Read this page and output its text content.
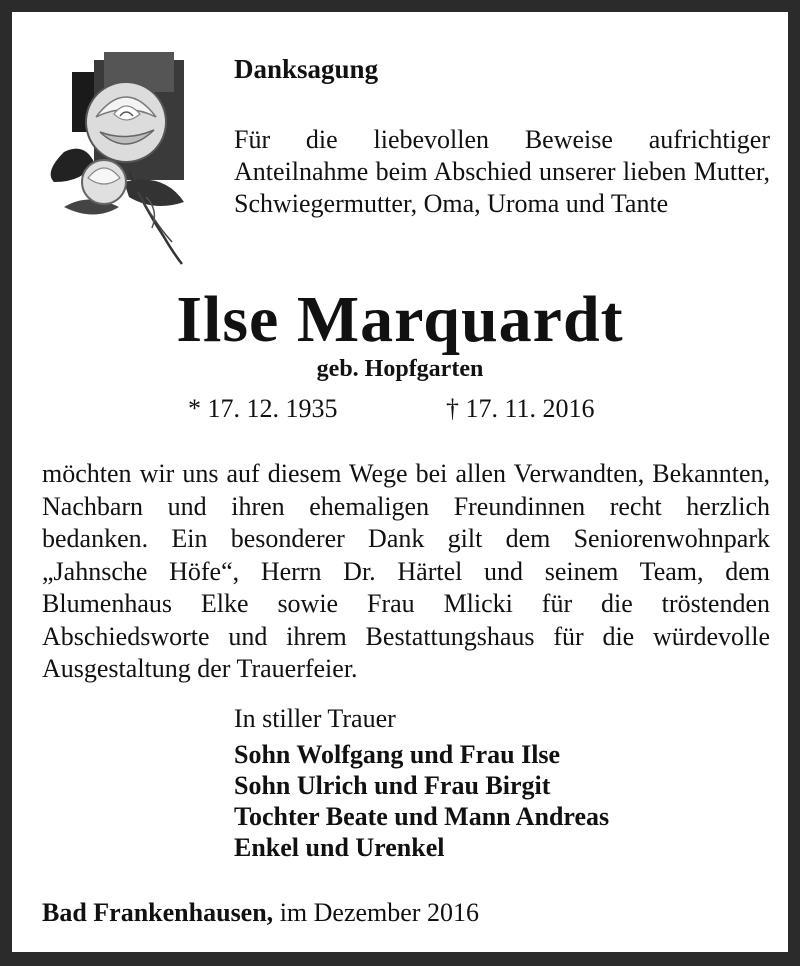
Danksagung

Für die liebevollen Beweise aufrichtiger Anteilnahme beim Abschied unserer lieben Mutter, Schwiegermutter, Oma, Uroma und Tante

Ilse Marquardt
geb. Hopfgarten
* 17. 12. 1935	† 17. 11. 2016

möchten wir uns auf diesem Wege bei allen Verwandten, Bekannten, Nachbarn und ihren ehemaligen Freundinnen recht herzlich bedanken. Ein besonderer Dank gilt dem Seniorenwohnpark „Jahnsche Höfe“, Herrn Dr. Härtel und seinem Team, dem Blumenhaus Elke sowie Frau Mlicki für die tröstenden Abschiedsworte und ihrem Bestattungshaus für die würdevolle Ausgestaltung der Trauerfeier.

In stiller Trauer
Sohn Wolfgang und Frau Ilse
Sohn Ulrich und Frau Birgit
Tochter Beate und Mann Andreas
Enkel und Urenkel
Bad Frankenhausen, im Dezember 2016
